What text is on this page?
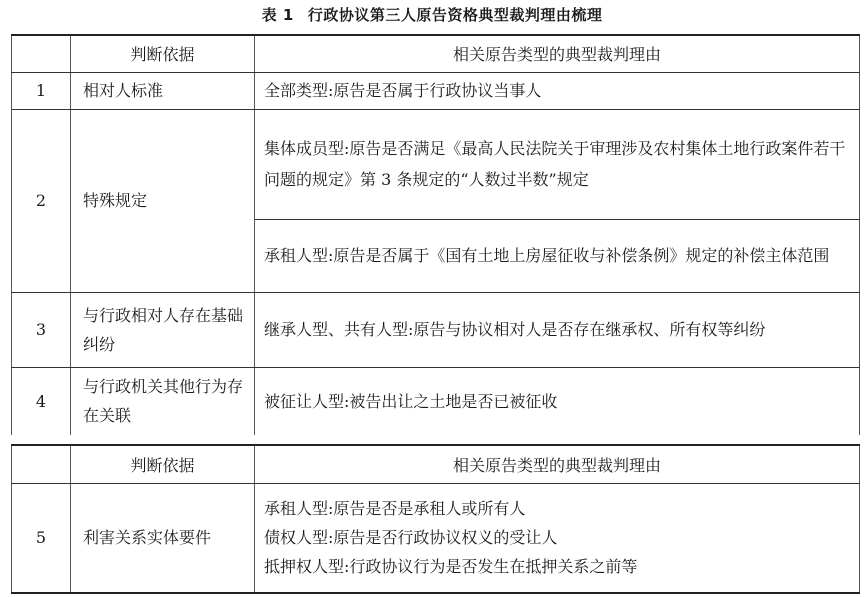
表 1 行政协议第三人原告资格典型裁判理由梳理
	判断依据	相关原告类型的典型裁判理由
1	相对人标准	全部类型:原告是否属于行政协议当事人
2	特殊规定	集体成员型:原告是否满足《最高人民法院关于审理涉及农村集体土地行政案件若干问题的规定》第 3 条规定的“人数过半数”规定
		承租人型:原告是否属于《国有土地上房屋征收与补偿条例》规定的补偿主体范围
3	与行政相对人存在基础纠纷	继承人型、共有人型:原告与协议相对人是否存在继承权、所有权等纠纷
4	与行政机关其他行为存在关联	被征让人型:被告出让之土地是否已被征收
	判断依据	相关原告类型的典型裁判理由
5	利害关系实体要件	承租人型:原告是否是承租人或所有人
债权人型:原告是否行政协议权义的受让人
抵押权人型:行政协议行为是否发生在抵押关系之前等
